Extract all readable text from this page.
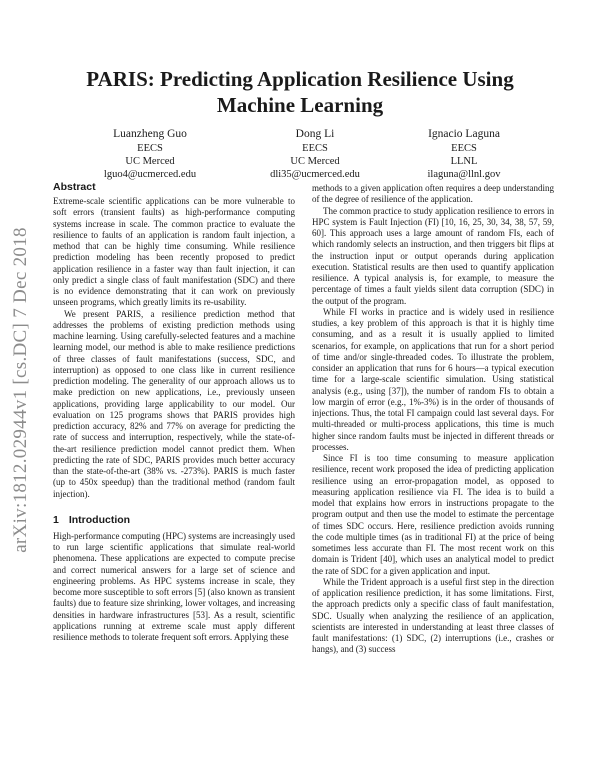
arXiv:1812.02944v1 [cs.DC] 7 Dec 2018
PARIS: Predicting Application Resilience Using
Machine Learning
Luanzheng Guo
EECS
UC Merced
lguo4@ucmerced.edu
Dong Li
EECS
UC Merced
dli35@ucmerced.edu
Ignacio Laguna
EECS
LLNL
ilaguna@llnl.gov
Abstract

Extreme-scale scientific applications can be more vulnerable to soft errors (transient faults) as high-performance computing systems increase in scale. The common practice to evaluate the resilience to faults of an application is random fault injection, a method that can be highly time consuming. While resilience prediction modeling has been recently proposed to predict application resilience in a faster way than fault injection, it can only predict a single class of fault manifestation (SDC) and there is no evidence demonstrating that it can work on previously unseen programs, which greatly limits its re-usability.

We present PARIS, a resilience prediction method that addresses the problems of existing prediction methods using machine learning. Using carefully-selected features and a machine learning model, our method is able to make resilience predictions of three classes of fault manifestations (success, SDC, and interruption) as opposed to one class like in current resilience prediction modeling. The generality of our approach allows us to make prediction on new applications, i.e., previously unseen applications, providing large applicability to our model. Our evaluation on 125 programs shows that PARIS provides high prediction accuracy, 82% and 77% on average for predicting the rate of success and interruption, respectively, while the state-of-the-art resilience prediction model cannot predict them. When predicting the rate of SDC, PARIS provides much better accuracy than the state-of-the-art (38% vs. -273%). PARIS is much faster (up to 450x speedup) than the traditional method (random fault injection).

1 Introduction

High-performance computing (HPC) systems are increasingly used to run large scientific applications that simulate real-world phenomena. These applications are expected to compute precise and correct numerical answers for a large set of science and engineering problems. As HPC systems increase in scale, they become more susceptible to soft errors [5] (also known as transient faults) due to feature size shrinking, lower voltages, and increasing densities in hardware infrastructures [53]. As a result, scientific applications running at extreme scale must apply different resilience methods to tolerate frequent soft errors. Applying these

methods to a given application often requires a deep understanding of the degree of resilience of the application.

The common practice to study application resilience to errors in HPC system is Fault Injection (FI) [10, 16, 25, 30, 34, 38, 57, 59, 60]. This approach uses a large amount of random FIs, each of which randomly selects an instruction, and then triggers bit flips at the instruction input or output operands during application execution. Statistical results are then used to quantify application resilience. A typical analysis is, for example, to measure the percentage of times a fault yields silent data corruption (SDC) in the output of the program.

While FI works in practice and is widely used in resilience studies, a key problem of this approach is that it is highly time consuming, and as a result it is usually applied to limited scenarios, for example, on applications that run for a short period of time and/or single-threaded codes. To illustrate the problem, consider an application that runs for 6 hours—a typical execution time for a large-scale scientific simulation. Using statistical analysis (e.g., using [37]), the number of random FIs to obtain a low margin of error (e.g., 1%-3%) is in the order of thousands of injections. Thus, the total FI campaign could last several days. For multi-threaded or multi-process applications, this time is much higher since random faults must be injected in different threads or processes.

Since FI is too time consuming to measure application resilience, recent work proposed the idea of predicting application resilience using an error-propagation model, as opposed to measuring application resilience via FI. The idea is to build a model that explains how errors in instructions propagate to the program output and then use the model to estimate the percentage of times SDC occurs. Here, resilience prediction avoids running the code multiple times (as in traditional FI) at the price of being sometimes less accurate than FI. The most recent work on this domain is Trident [40], which uses an analytical model to predict the rate of SDC for a given application and input.

While the Trident approach is a useful first step in the direction of application resilience prediction, it has some limitations. First, the approach predicts only a specific class of fault manifestation, SDC. Usually when analyzing the resilience of an application, scientists are interested in understanding at least three classes of fault manifestations: (1) SDC, (2) interruptions (i.e., crashes or hangs), and (3) success
